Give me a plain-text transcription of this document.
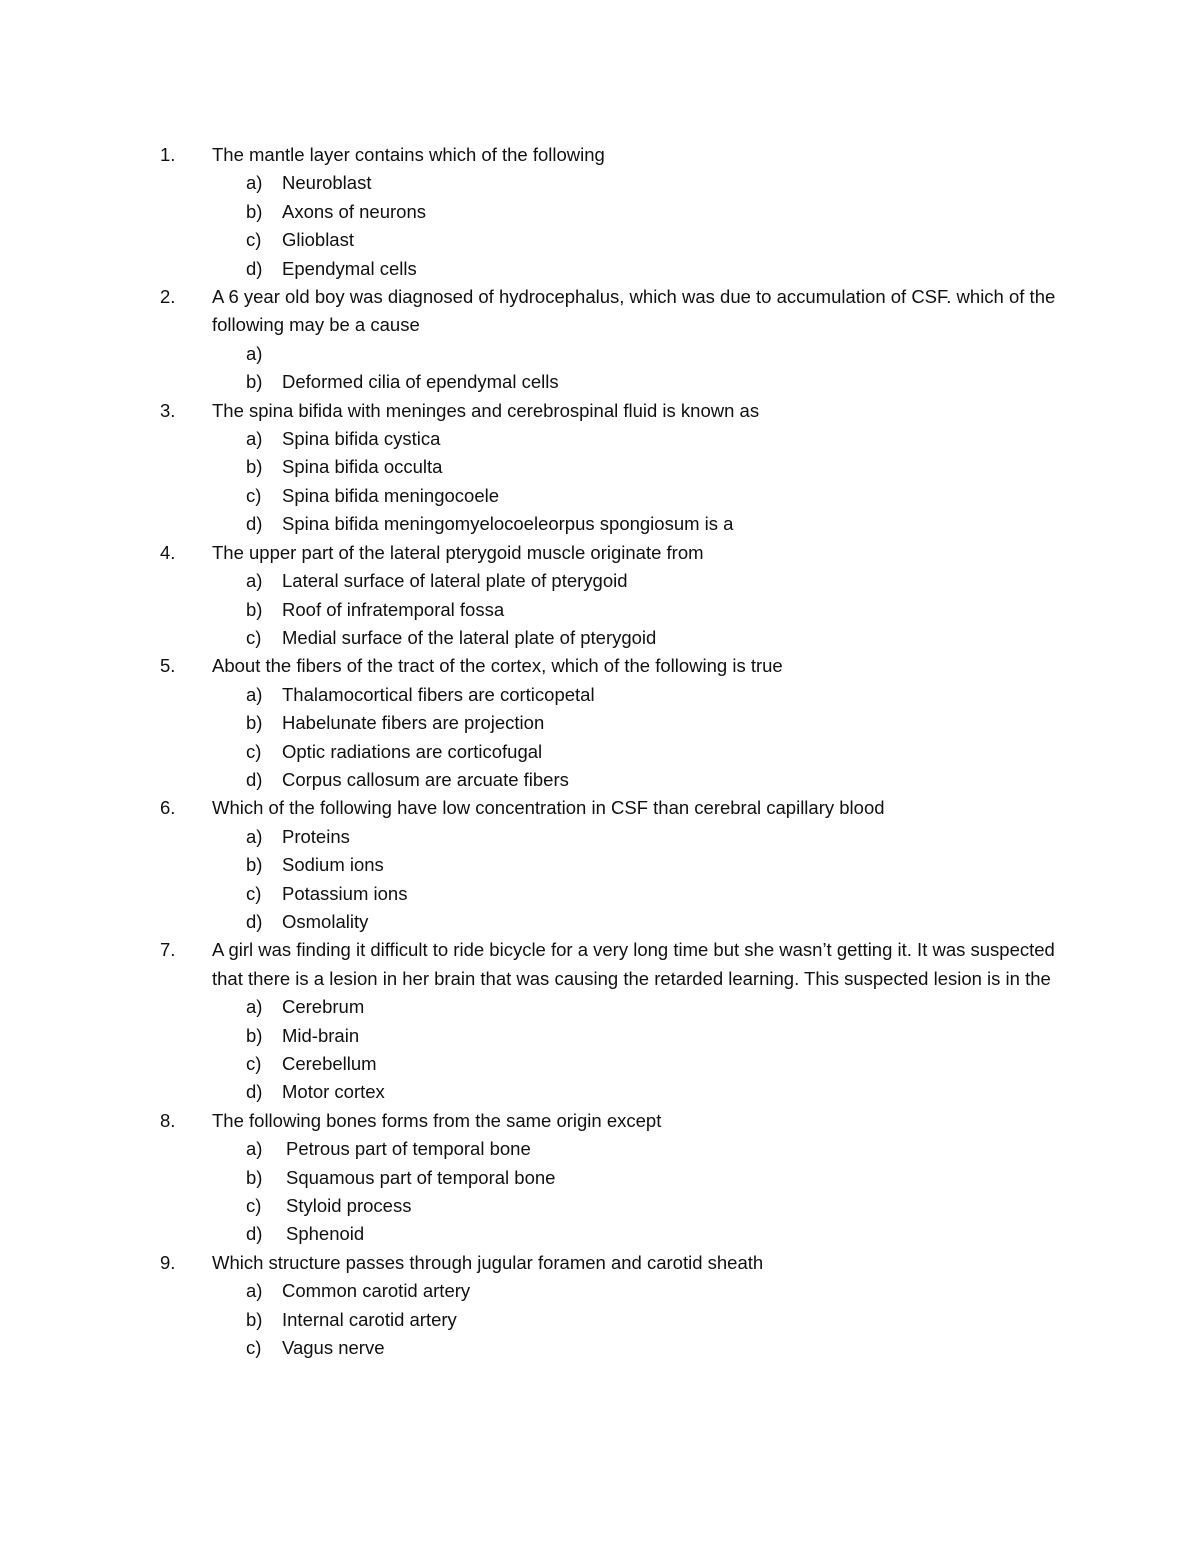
1.	The mantle layer contains which of the following
a)	Neuroblast
b)	Axons of neurons
c)	Glioblast
d)	Ependymal cells
2.	A 6 year old boy was diagnosed of hydrocephalus, which was due to accumulation of CSF. which of the following may be a cause
a)
b)	Deformed cilia of ependymal cells
3.	The spina bifida with meninges and cerebrospinal fluid is known as
a)	Spina bifida cystica
b)	Spina bifida occulta
c)	Spina bifida meningocoele
d)	Spina bifida meningomyelocoeleorpus spongiosum is a
4.	The upper part of the lateral pterygoid muscle originate from
a)	Lateral surface of lateral plate of pterygoid
b)	Roof of infratemporal fossa
c)	Medial surface of the lateral plate of pterygoid
5.	About the fibers of the tract of the cortex, which of the following is true
a)	Thalamocortical fibers are corticopetal
b)	Habelunate fibers are projection
c)	Optic radiations are corticofugal
d)	Corpus callosum are arcuate fibers
6.	Which of the following have low concentration in CSF than cerebral capillary blood
a)	Proteins
b)	Sodium ions
c)	Potassium ions
d)	Osmolality
7.	A girl was finding it difficult to ride bicycle for a very long time but she wasn’t getting it. It was suspected that there is a lesion in her brain that was causing the retarded learning. This suspected lesion is in the
a)	Cerebrum
b)	Mid-brain
c)	Cerebellum
d)	Motor cortex
8.	The following bones forms from the same origin except
a)	Petrous part of temporal bone
b)	Squamous part of temporal bone
c)	Styloid process
d)	Sphenoid
9.	Which structure passes through jugular foramen and carotid sheath
a)	Common carotid artery
b)	Internal carotid artery
c)	Vagus nerve
